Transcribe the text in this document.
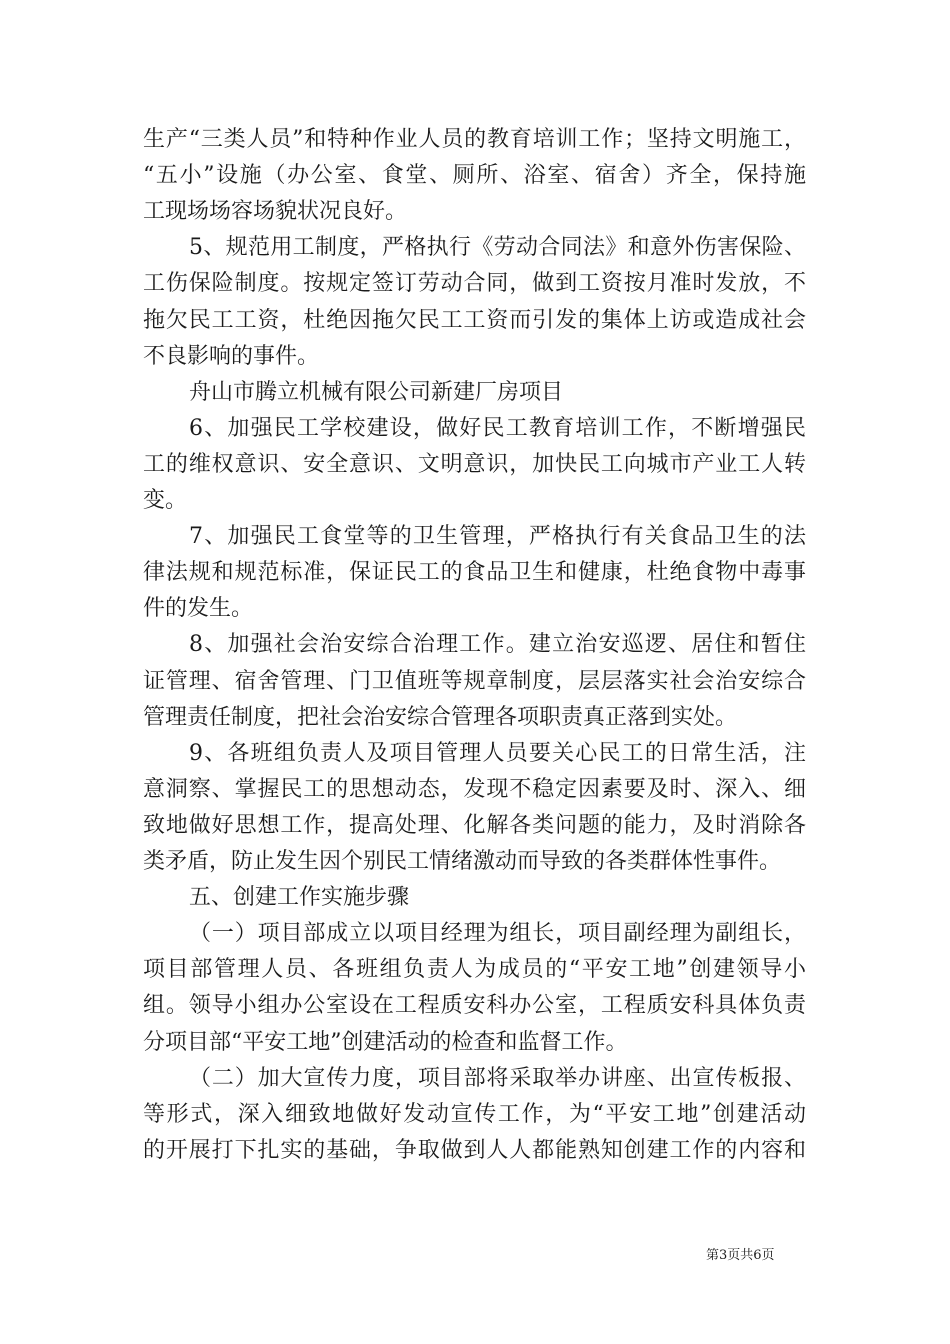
生产“三类人员”和特种作业人员的教育培训工作；坚持文明施工，
“五小”设施（办公室、食堂、厕所、浴室、宿舍）齐全，保持施
工现场场容场貌状况良好。
5、规范用工制度，严格执行《劳动合同法》和意外伤害保险、
工伤保险制度。按规定签订劳动合同，做到工资按月准时发放，不
拖欠民工工资，杜绝因拖欠民工工资而引发的集体上访或造成社会
不良影响的事件。
舟山市腾立机械有限公司新建厂房项目
6、加强民工学校建设，做好民工教育培训工作，不断增强民
工的维权意识、安全意识、文明意识，加快民工向城市产业工人转
变。
7、加强民工食堂等的卫生管理，严格执行有关食品卫生的法
律法规和规范标准，保证民工的食品卫生和健康，杜绝食物中毒事
件的发生。
8、加强社会治安综合治理工作。建立治安巡逻、居住和暂住
证管理、宿舍管理、门卫值班等规章制度，层层落实社会治安综合
管理责任制度，把社会治安综合管理各项职责真正落到实处。
9、各班组负责人及项目管理人员要关心民工的日常生活，注
意洞察、掌握民工的思想动态，发现不稳定因素要及时、深入、细
致地做好思想工作，提高处理、化解各类问题的能力，及时消除各
类矛盾，防止发生因个别民工情绪激动而导致的各类群体性事件。
五、创建工作实施步骤
（一）项目部成立以项目经理为组长，项目副经理为副组长，
项目部管理人员、各班组负责人为成员的“平安工地”创建领导小
组。领导小组办公室设在工程质安科办公室，工程质安科具体负责
分项目部“平安工地”创建活动的检查和监督工作。
（二）加大宣传力度，项目部将采取举办讲座、出宣传板报、
等形式，深入细致地做好发动宣传工作，为“平安工地”创建活动
的开展打下扎实的基础，争取做到人人都能熟知创建工作的内容和
第3页共6页
